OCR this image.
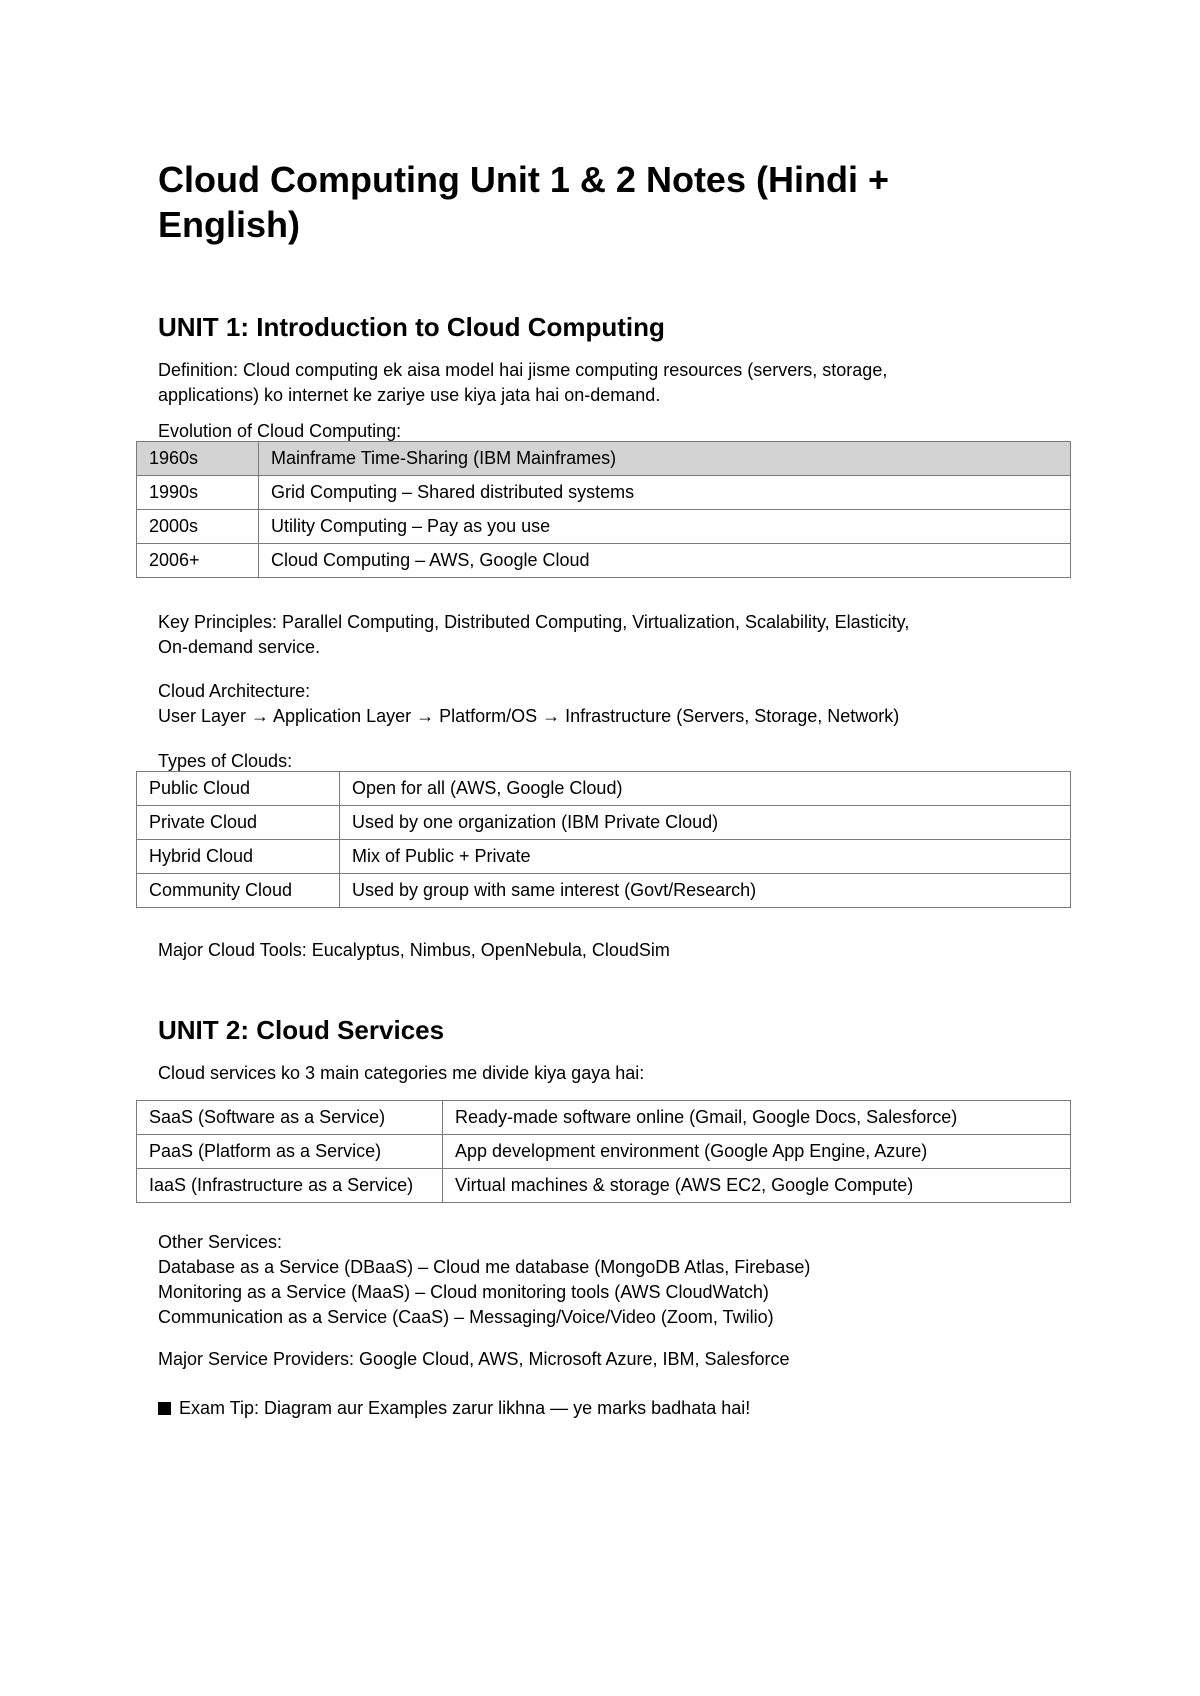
Cloud Computing Unit 1 & 2 Notes (Hindi + English)
UNIT 1: Introduction to Cloud Computing

Definition: Cloud computing ek aisa model hai jisme computing resources (servers, storage,
applications) ko internet ke zariye use kiya jata hai on-demand.

Evolution of Cloud Computing:

1960s	Mainframe Time-Sharing (IBM Mainframes)
1990s	Grid Computing – Shared distributed systems
2000s	Utility Computing – Pay as you use
2006+	Cloud Computing – AWS, Google Cloud

Key Principles: Parallel Computing, Distributed Computing, Virtualization, Scalability, Elasticity,
On-demand service.

Cloud Architecture:
User Layer → Application Layer → Platform/OS → Infrastructure (Servers, Storage, Network)

Types of Clouds:

Public Cloud	Open for all (AWS, Google Cloud)
Private Cloud	Used by one organization (IBM Private Cloud)
Hybrid Cloud	Mix of Public + Private
Community Cloud	Used by group with same interest (Govt/Research)

Major Cloud Tools: Eucalyptus, Nimbus, OpenNebula, CloudSim

UNIT 2: Cloud Services

Cloud services ko 3 main categories me divide kiya gaya hai:

SaaS (Software as a Service)	Ready-made software online (Gmail, Google Docs, Salesforce)
PaaS (Platform as a Service)	App development environment (Google App Engine, Azure)
IaaS (Infrastructure as a Service)	Virtual machines & storage (AWS EC2, Google Compute)

Other Services:
Database as a Service (DBaaS) – Cloud me database (MongoDB Atlas, Firebase)
Monitoring as a Service (MaaS) – Cloud monitoring tools (AWS CloudWatch)
Communication as a Service (CaaS) – Messaging/Voice/Video (Zoom, Twilio)

Major Service Providers: Google Cloud, AWS, Microsoft Azure, IBM, Salesforce

Exam Tip: Diagram aur Examples zarur likhna — ye marks badhata hai!
